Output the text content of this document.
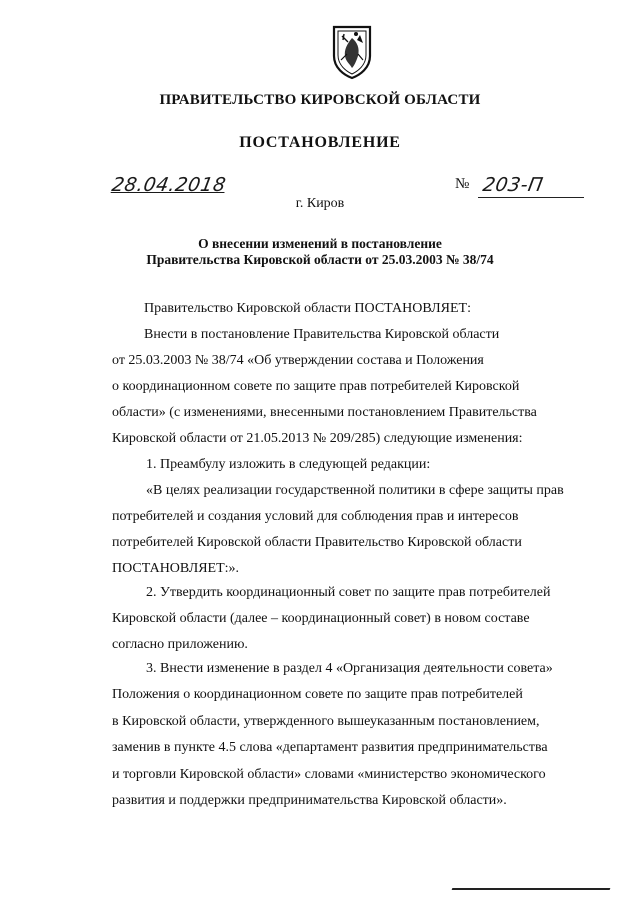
ПРАВИТЕЛЬСТВО КИРОВСКОЙ ОБЛАСТИ
ПОСТАНОВЛЕНИЕ
28.04.2018	№ 203-П
г. Киров
О внесении изменений в постановление
Правительства Кировской области от 25.03.2003 № 38/74

Правительство Кировской области ПОСТАНОВЛЯЕТ:

Внести в постановление Правительства Кировской области

от 25.03.2003 № 38/74 «Об утверждении состава и Положения

о координационном совете по защите прав потребителей Кировской

области» (с изменениями, внесенными постановлением Правительства

Кировской области от 21.05.2013 № 209/285) следующие изменения:

1. Преамбулу изложить в следующей редакции:

«В целях реализации государственной политики в сфере защиты прав

потребителей и создания условий для соблюдения прав и интересов

потребителей Кировской области Правительство Кировской области

ПОСТАНОВЛЯЕТ:».

2. Утвердить координационный совет по защите прав потребителей

Кировской области (далее – координационный совет) в новом составе

согласно приложению.

3. Внести изменение в раздел 4 «Организация деятельности совета»

Положения о координационном совете по защите прав потребителей

в Кировской области, утвержденного вышеуказанным постановлением,

заменив в пункте 4.5 слова «департамент развития предпринимательства

и торговли Кировской области» словами «министерство экономического

развития и поддержки предпринимательства Кировской области».
